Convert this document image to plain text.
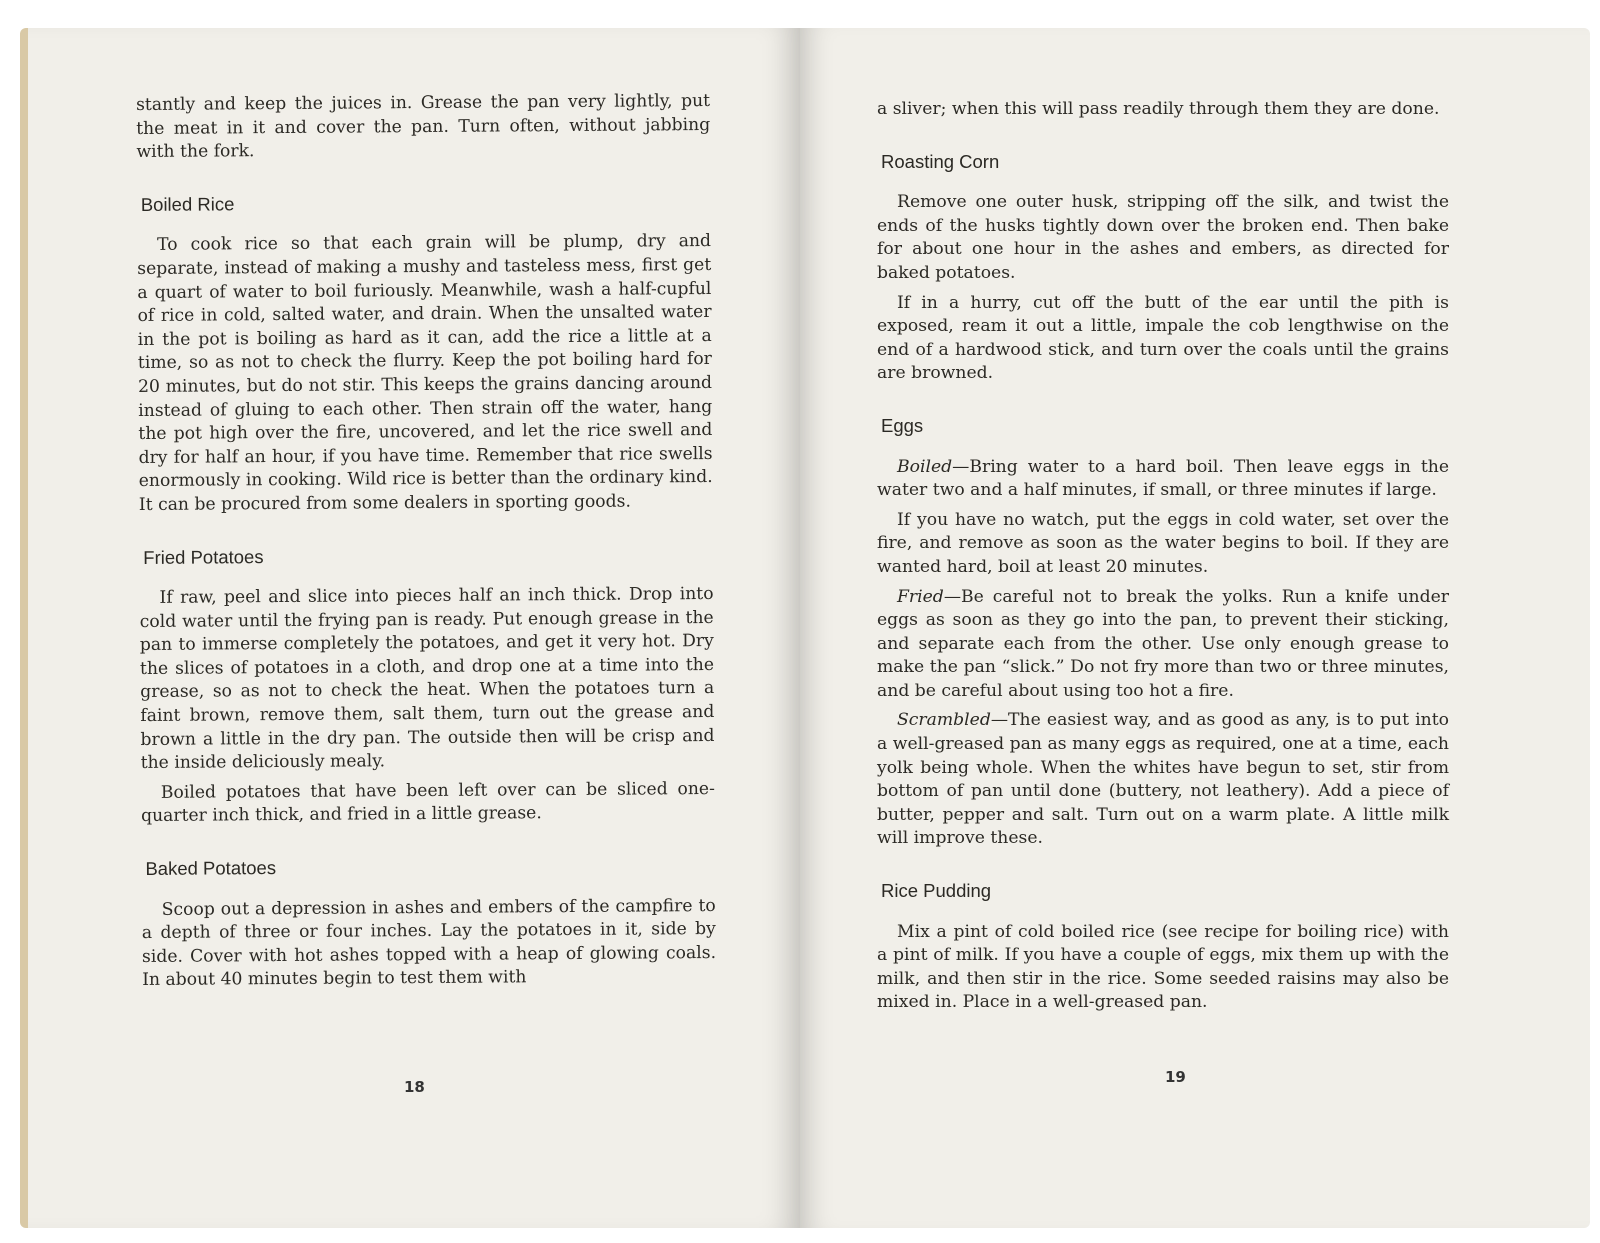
stantly and keep the juices in. Grease the pan very lightly, put the meat in it and cover the pan. Turn often, without jabbing with the fork.

Boiled Rice

To cook rice so that each grain will be plump, dry and separate, instead of making a mushy and tasteless mess, first get a quart of water to boil furiously. Meanwhile, wash a half-cupful of rice in cold, salted water, and drain. When the unsalted water in the pot is boiling as hard as it can, add the rice a little at a time, so as not to check the flurry. Keep the pot boiling hard for 20 minutes, but do not stir. This keeps the grains dancing around instead of gluing to each other. Then strain off the water, hang the pot high over the fire, uncovered, and let the rice swell and dry for half an hour, if you have time. Remember that rice swells enormously in cooking. Wild rice is better than the ordinary kind. It can be procured from some dealers in sporting goods.

Fried Potatoes

If raw, peel and slice into pieces half an inch thick. Drop into cold water until the frying pan is ready. Put enough grease in the pan to immerse completely the potatoes, and get it very hot. Dry the slices of potatoes in a cloth, and drop one at a time into the grease, so as not to check the heat. When the potatoes turn a faint brown, remove them, salt them, turn out the grease and brown a little in the dry pan. The outside then will be crisp and the inside deliciously mealy.

Boiled potatoes that have been left over can be sliced one-quarter inch thick, and fried in a little grease.

Baked Potatoes

Scoop out a depression in ashes and embers of the campfire to a depth of three or four inches. Lay the potatoes in it, side by side. Cover with hot ashes topped with a heap of glowing coals. In about 40 minutes begin to test them with

18

a sliver; when this will pass readily through them they are done.

Roasting Corn

Remove one outer husk, stripping off the silk, and twist the ends of the husks tightly down over the broken end. Then bake for about one hour in the ashes and embers, as directed for baked potatoes.

If in a hurry, cut off the butt of the ear until the pith is exposed, ream it out a little, impale the cob lengthwise on the end of a hardwood stick, and turn over the coals until the grains are browned.

Eggs

Boiled—Bring water to a hard boil. Then leave eggs in the water two and a half minutes, if small, or three minutes if large.

If you have no watch, put the eggs in cold water, set over the fire, and remove as soon as the water begins to boil. If they are wanted hard, boil at least 20 minutes.

Fried—Be careful not to break the yolks. Run a knife under eggs as soon as they go into the pan, to prevent their sticking, and separate each from the other. Use only enough grease to make the pan “slick.” Do not fry more than two or three minutes, and be careful about using too hot a fire.

Scrambled—The easiest way, and as good as any, is to put into a well-greased pan as many eggs as required, one at a time, each yolk being whole. When the whites have begun to set, stir from bottom of pan until done (buttery, not leathery). Add a piece of butter, pepper and salt. Turn out on a warm plate. A little milk will improve these.

Rice Pudding

Mix a pint of cold boiled rice (see recipe for boiling rice) with a pint of milk. If you have a couple of eggs, mix them up with the milk, and then stir in the rice. Some seeded raisins may also be mixed in. Place in a well-greased pan.

19
